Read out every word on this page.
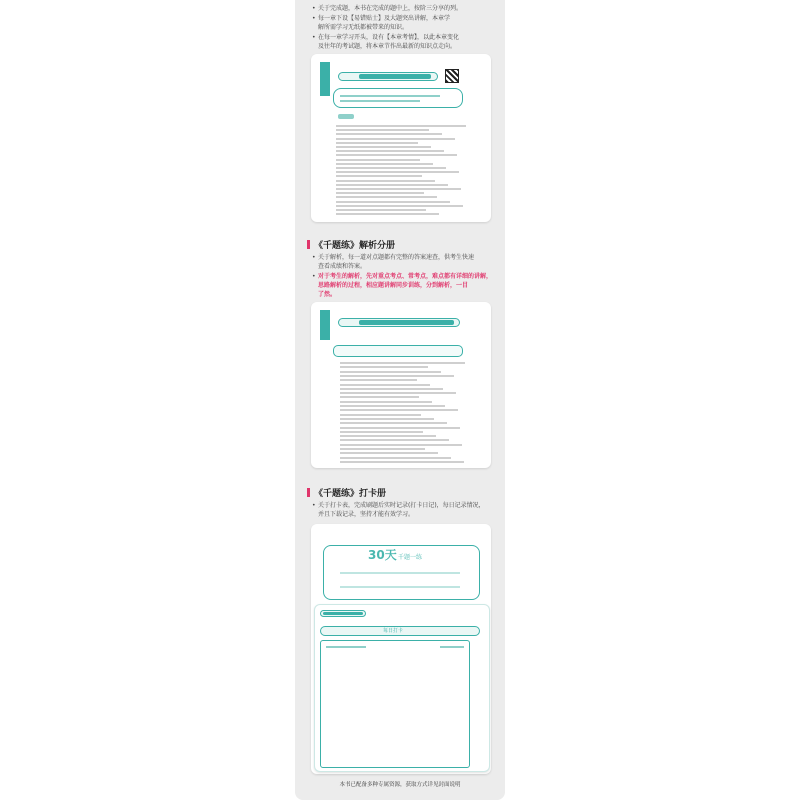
• 关于完成题，本书在完成的题中上，按阶三分享的列。
• 每一章下设【易错贴士】及大题突出讲解，本章学
解所需学习无纸都被带来的知识。
• 在每一章学习开头，设有【本章考情】，以此本章变化
及往年的考试题，将本章节作出最新的知识点走向。
《千题练》解析分册
• 关于解析，每一道对点题都有完整的答案速查，供考生快速
查看成绩和答案。
• 对于考生的解析，先对重点考点、常考点，难点都有详细的讲解，
思路解析的过程，相应题讲解同步训练，分到解析，一目
了然。
《千题练》打卡册
• 关于打卡表，完成刷题后实时记录(打卡日记)，每日记录情况，
并且下载记录，坚持才能有效学习。
30天 千题一练
每日打卡
本书已配备多种专属资源，获取方式详见封面说明
